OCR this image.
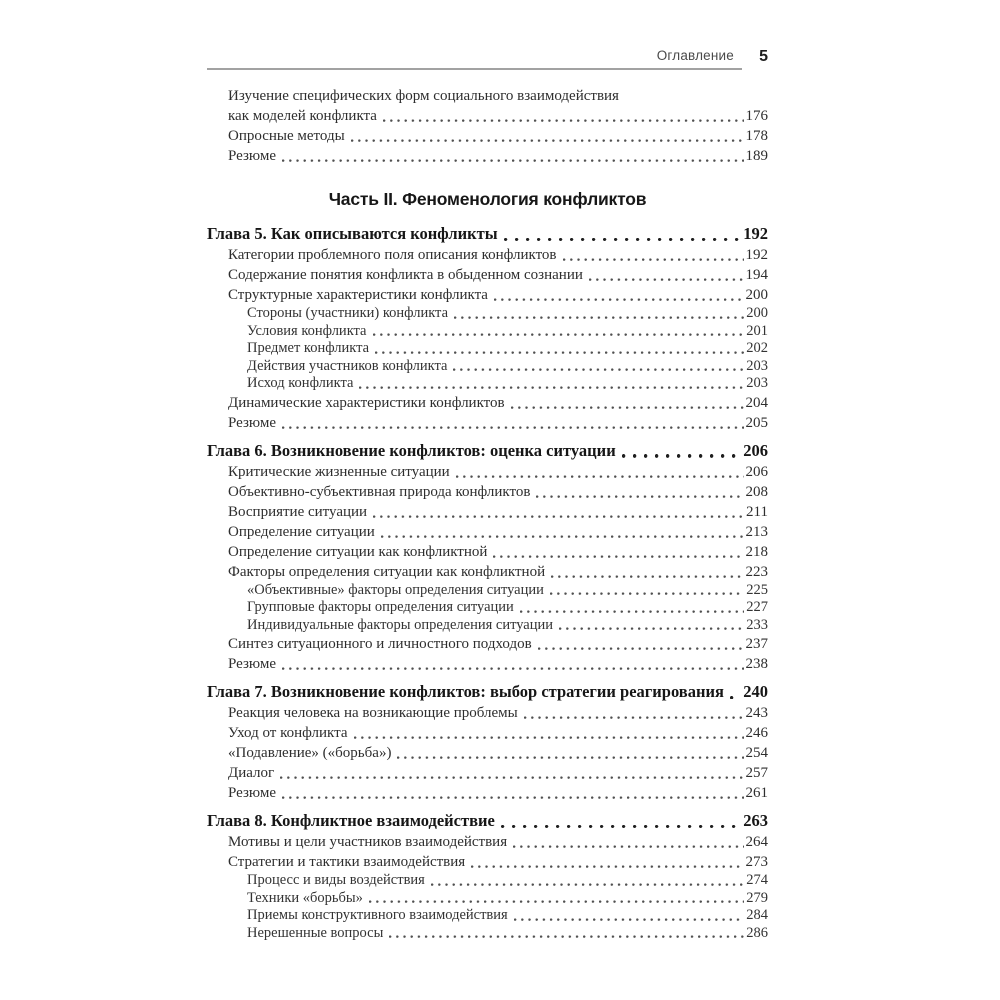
Оглавление	5
Изучение специфических форм социального взаимодействия
как моделей конфликта	176
Опросные методы	178
Резюме	189
Часть II. Феноменология конфликтов
Глава 5. Как описываются конфликты	192
Категории проблемного поля описания конфликтов	192
Содержание понятия конфликта в обыденном сознании	194
Структурные характеристики конфликта	200
Стороны (участники) конфликта	200
Условия конфликта	201
Предмет конфликта	202
Действия участников конфликта	203
Исход конфликта	203
Динамические характеристики конфликтов	204
Резюме	205
Глава 6. Возникновение конфликтов: оценка ситуации	206
Критические жизненные ситуации	206
Объективно-субъективная природа конфликтов	208
Восприятие ситуации	211
Определение ситуации	213
Определение ситуации как конфликтной	218
Факторы определения ситуации как конфликтной	223
«Объективные» факторы определения ситуации	225
Групповые факторы определения ситуации	227
Индивидуальные факторы определения ситуации	233
Синтез ситуационного и личностного подходов	237
Резюме	238
Глава 7. Возникновение конфликтов: выбор стратегии реагирования 240
Реакция человека на возникающие проблемы	243
Уход от конфликта	246
«Подавление» («борьба»)	254
Диалог	257
Резюме	261
Глава 8. Конфликтное взаимодействие	263
Мотивы и цели участников взаимодействия	264
Стратегии и тактики взаимодействия	273
Процесс и виды воздействия	274
Техники «борьбы»	279
Приемы конструктивного взаимодействия	284
Нерешенные вопросы	286
